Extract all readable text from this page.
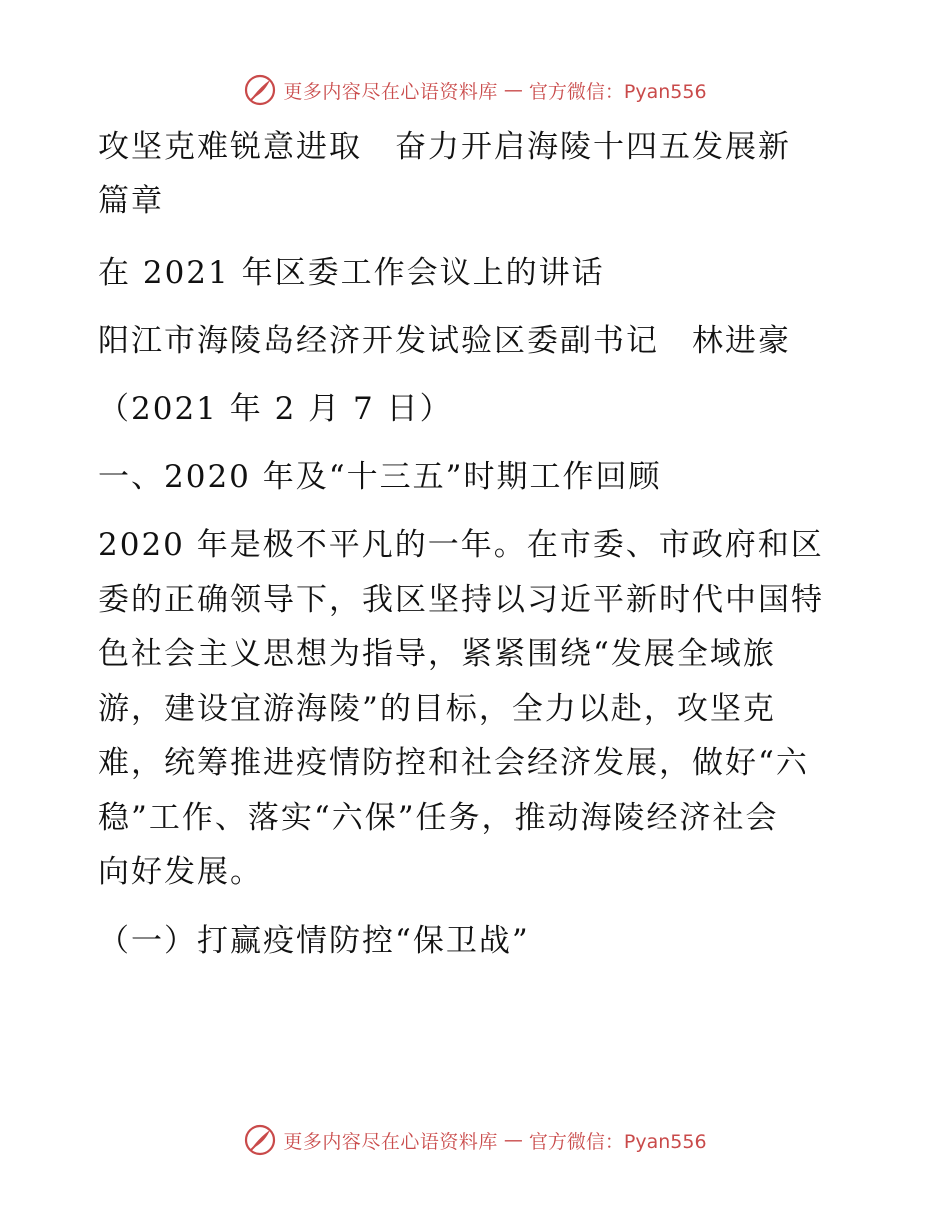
更多内容尽在心语资料库 — 官方微信：Pyan556
攻坚克难锐意进取　奋力开启海陵十四五发展新
篇章
在 2021 年区委工作会议上的讲话
阳江市海陵岛经济开发试验区委副书记　林进豪
（2021 年 2 月 7 日）
一、2020 年及“十三五”时期工作回顾
2020 年是极不平凡的一年。在市委、市政府和区
委的正确领导下，我区坚持以习近平新时代中国特
色社会主义思想为指导，紧紧围绕“发展全域旅
游，建设宜游海陵”的目标，全力以赴，攻坚克
难，统筹推进疫情防控和社会经济发展，做好“六
稳”工作、落实“六保”任务，推动海陵经济社会
向好发展。
（一）打赢疫情防控“保卫战”
更多内容尽在心语资料库 — 官方微信：Pyan556
